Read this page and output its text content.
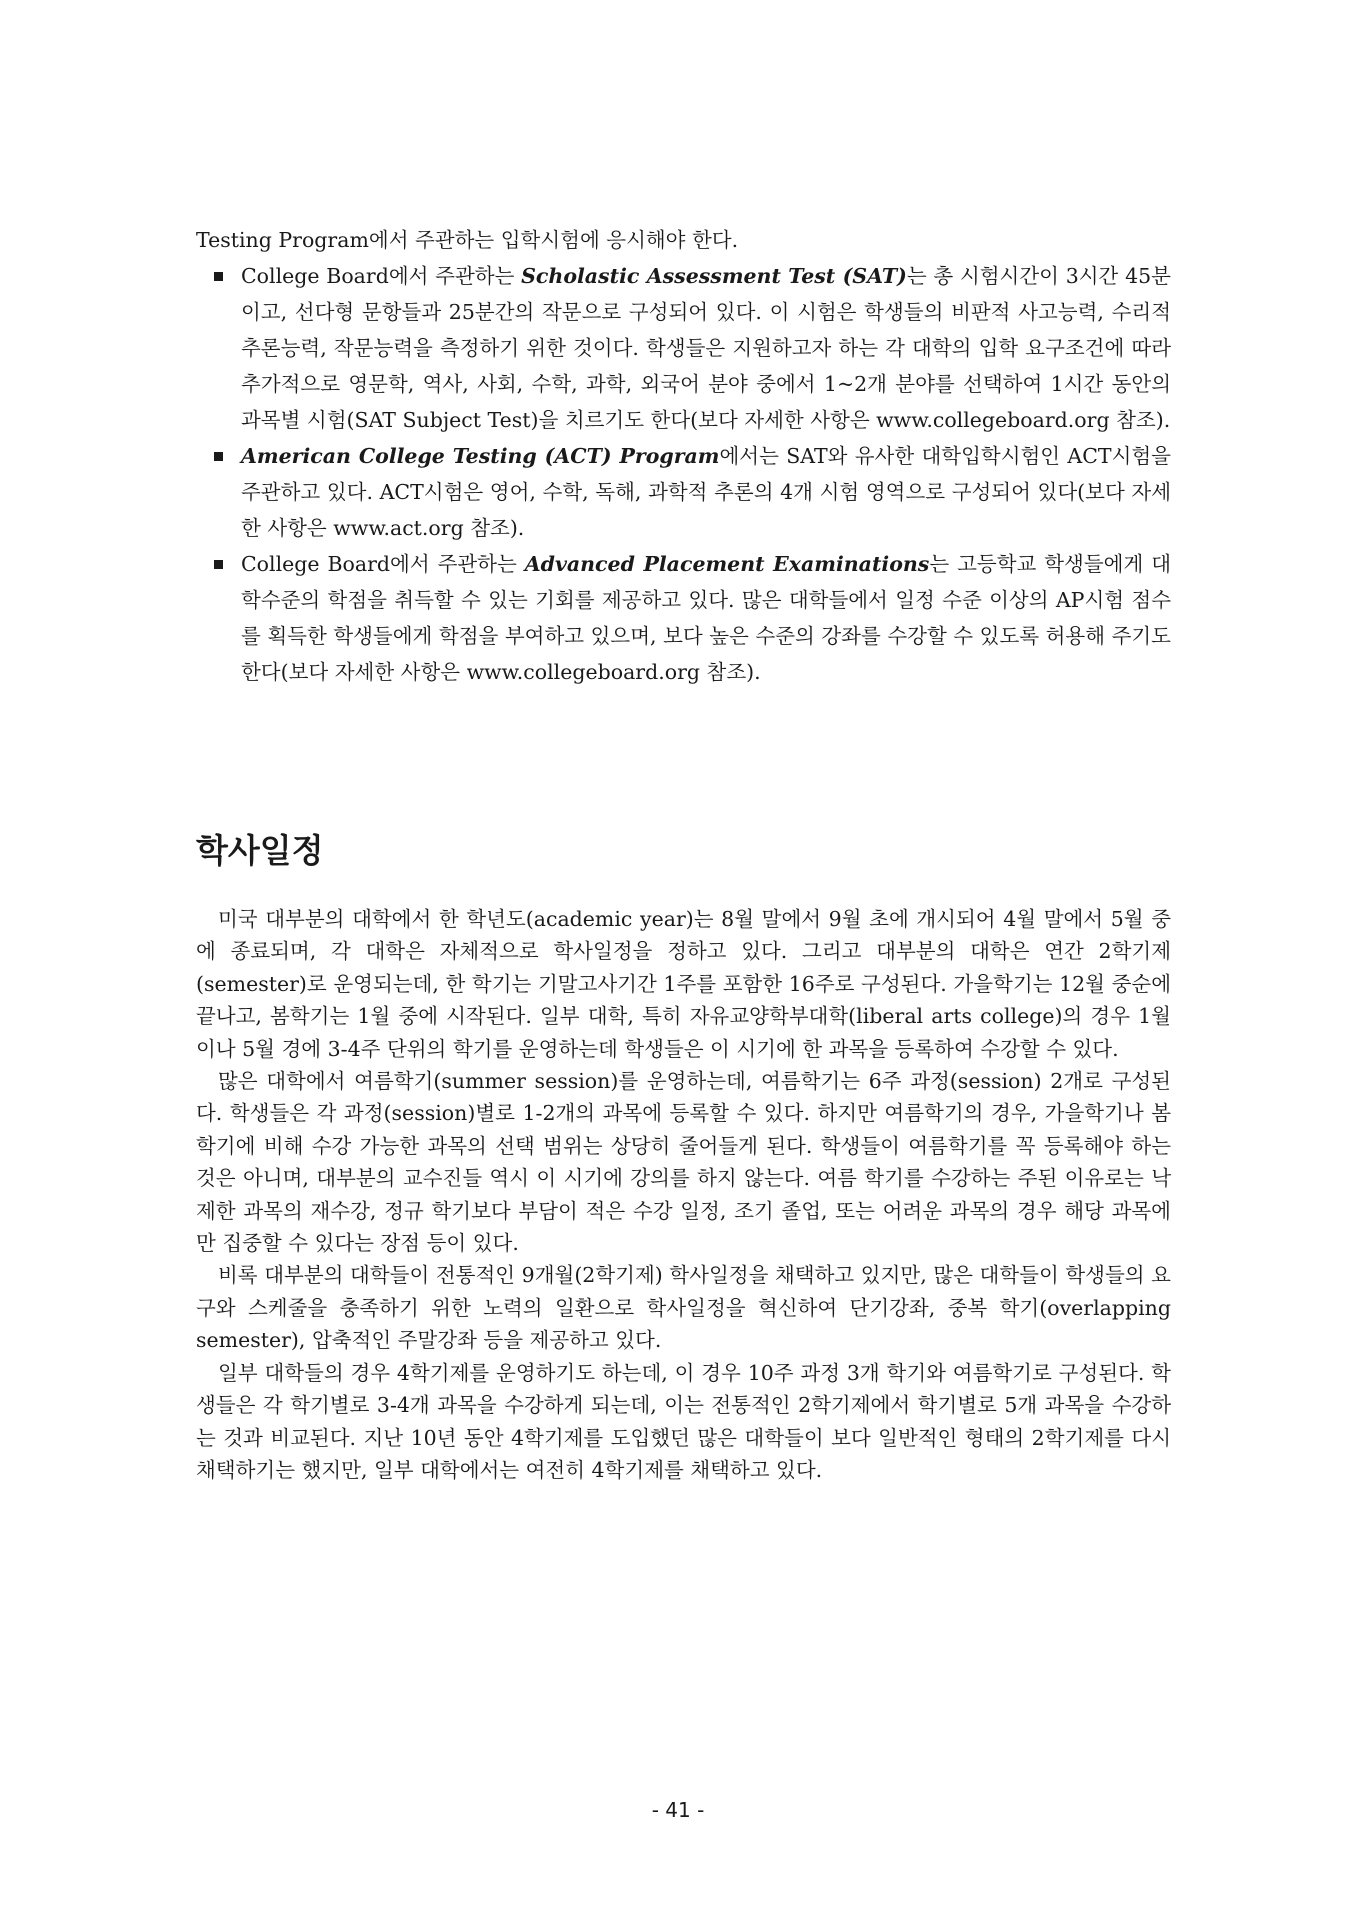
Testing Program에서 주관하는 입학시험에 응시해야 한다.

College Board에서 주관하는 Scholastic Assessment Test (SAT)는 총 시험시간이 3시간 45분이고, 선다형 문항들과 25분간의 작문으로 구성되어 있다. 이 시험은 학생들의 비판적 사고능력, 수리적 추론능력, 작문능력을 측정하기 위한 것이다. 학생들은 지원하고자 하는 각 대학의 입학 요구조건에 따라 추가적으로 영문학, 역사, 사회, 수학, 과학, 외국어 분야 중에서 1~2개 분야를 선택하여 1시간 동안의 과목별 시험(SAT Subject Test)을 치르기도 한다(보다 자세한 사항은 www.collegeboard.org 참조).
American College Testing (ACT) Program에서는 SAT와 유사한 대학입학시험인 ACT시험을 주관하고 있다. ACT시험은 영어, 수학, 독해, 과학적 추론의 4개 시험 영역으로 구성되어 있다(보다 자세한 사항은 www.act.org 참조).
College Board에서 주관하는 Advanced Placement Examinations는 고등학교 학생들에게 대학수준의 학점을 취득할 수 있는 기회를 제공하고 있다. 많은 대학들에서 일정 수준 이상의 AP시험 점수를 획득한 학생들에게 학점을 부여하고 있으며, 보다 높은 수준의 강좌를 수강할 수 있도록 허용해 주기도 한다(보다 자세한 사항은 www.collegeboard.org 참조).
학사일정

미국 대부분의 대학에서 한 학년도(academic year)는 8월 말에서 9월 초에 개시되어 4월 말에서 5월 중에 종료되며, 각 대학은 자체적으로 학사일정을 정하고 있다. 그리고 대부분의 대학은 연간 2학기제(semester)로 운영되는데, 한 학기는 기말고사기간 1주를 포함한 16주로 구성된다. 가을학기는 12월 중순에 끝나고, 봄학기는 1월 중에 시작된다. 일부 대학, 특히 자유교양학부대학(liberal arts college)의 경우 1월이나 5월 경에 3-4주 단위의 학기를 운영하는데 학생들은 이 시기에 한 과목을 등록하여 수강할 수 있다.

많은 대학에서 여름학기(summer session)를 운영하는데, 여름학기는 6주 과정(session) 2개로 구성된다. 학생들은 각 과정(session)별로 1-2개의 과목에 등록할 수 있다. 하지만 여름학기의 경우, 가을학기나 봄학기에 비해 수강 가능한 과목의 선택 범위는 상당히 줄어들게 된다. 학생들이 여름학기를 꼭 등록해야 하는 것은 아니며, 대부분의 교수진들 역시 이 시기에 강의를 하지 않는다. 여름 학기를 수강하는 주된 이유로는 낙제한 과목의 재수강, 정규 학기보다 부담이 적은 수강 일정, 조기 졸업, 또는 어려운 과목의 경우 해당 과목에만 집중할 수 있다는 장점 등이 있다.

비록 대부분의 대학들이 전통적인 9개월(2학기제) 학사일정을 채택하고 있지만, 많은 대학들이 학생들의 요구와 스케줄을 충족하기 위한 노력의 일환으로 학사일정을 혁신하여 단기강좌, 중복 학기(overlapping semester), 압축적인 주말강좌 등을 제공하고 있다.

일부 대학들의 경우 4학기제를 운영하기도 하는데, 이 경우 10주 과정 3개 학기와 여름학기로 구성된다. 학생들은 각 학기별로 3-4개 과목을 수강하게 되는데, 이는 전통적인 2학기제에서 학기별로 5개 과목을 수강하는 것과 비교된다. 지난 10년 동안 4학기제를 도입했던 많은 대학들이 보다 일반적인 형태의 2학기제를 다시 채택하기는 했지만, 일부 대학에서는 여전히 4학기제를 채택하고 있다.

- 41 -
